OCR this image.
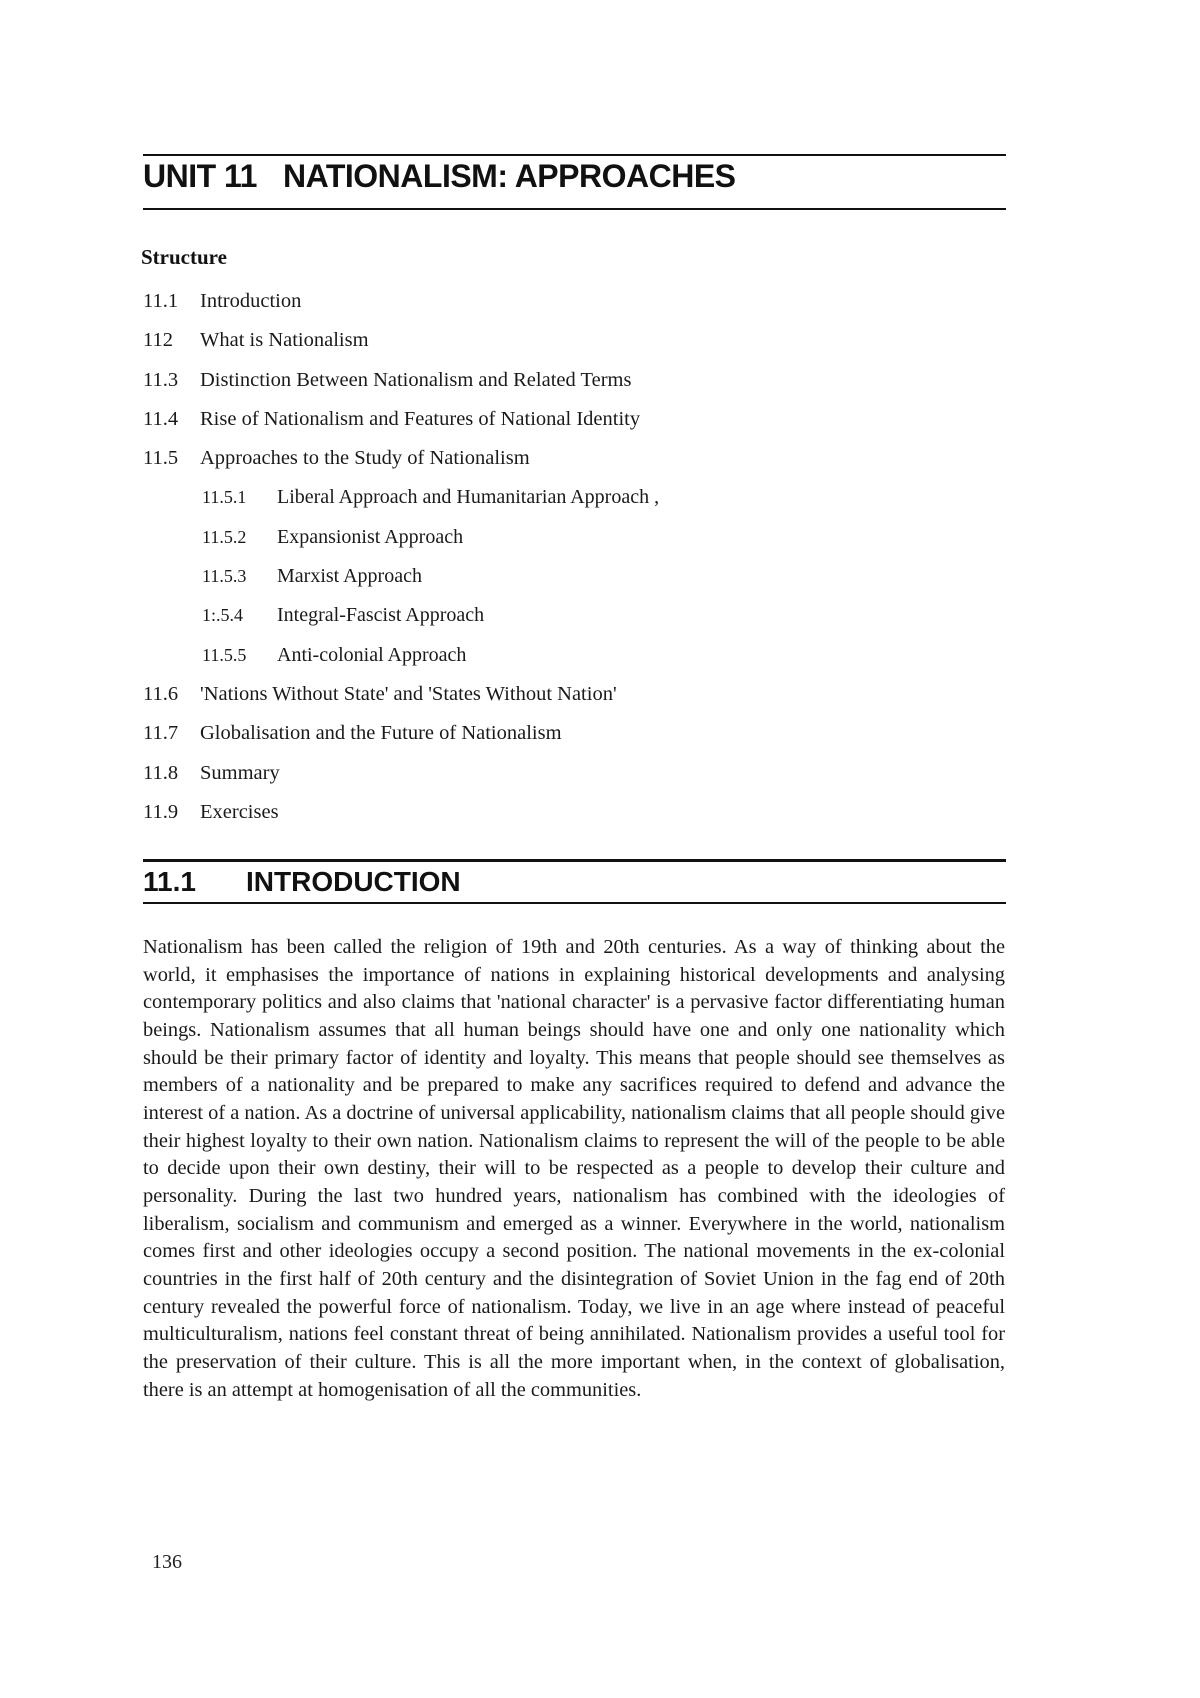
UNIT 11 NATIONALISM: APPROACHES
Structure
11.1	Introduction
112	What is Nationalism
11.3	Distinction Between Nationalism and Related Terms
11.4	Rise of Nationalism and Features of National Identity
11.5	Approaches to the Study of Nationalism
11.5.1	Liberal Approach and Humanitarian Approach ,
11.5.2	Expansionist Approach
11.5.3	Marxist Approach
1:.5.4	Integral-Fascist Approach
11.5.5	Anti-colonial Approach
11.6	'Nations Without State' and 'States Without Nation'
11.7	Globalisation and the Future of Nationalism
11.8	Summary
11.9	Exercises
11.1 INTRODUCTION

Nationalism has been called the religion of 19th and 20th centuries. As a way of thinking about the world, it emphasises the importance of nations in explaining historical developments and analysing contemporary politics and also claims that 'national character' is a pervasive factor differentiating human beings. Nationalism assumes that all human beings should have one and only one nationality which should be their primary factor of identity and loyalty. This means that people should see themselves as members of a nationality and be prepared to make any sacrifices required to defend and advance the interest of a nation. As a doctrine of universal applicability, nationalism claims that all people should give their highest loyalty to their own nation. Nationalism claims to represent the will of the people to be able to decide upon their own destiny, their will to be respected as a people to develop their culture and personality. During the last two hundred years, nationalism has combined with the ideologies of liberalism, socialism and communism and emerged as a winner. Everywhere in the world, nationalism comes first and other ideologies occupy a second position. The national movements in the ex-colonial countries in the first half of 20th century and the disintegration of Soviet Union in the fag end of 20th century revealed the powerful force of nationalism. Today, we live in an age where instead of peaceful multiculturalism, nations feel constant threat of being annihilated. Nationalism provides a useful tool for the preservation of their culture. This is all the more important when, in the context of globalisation, there is an attempt at homogenisation of all the communities.

136
